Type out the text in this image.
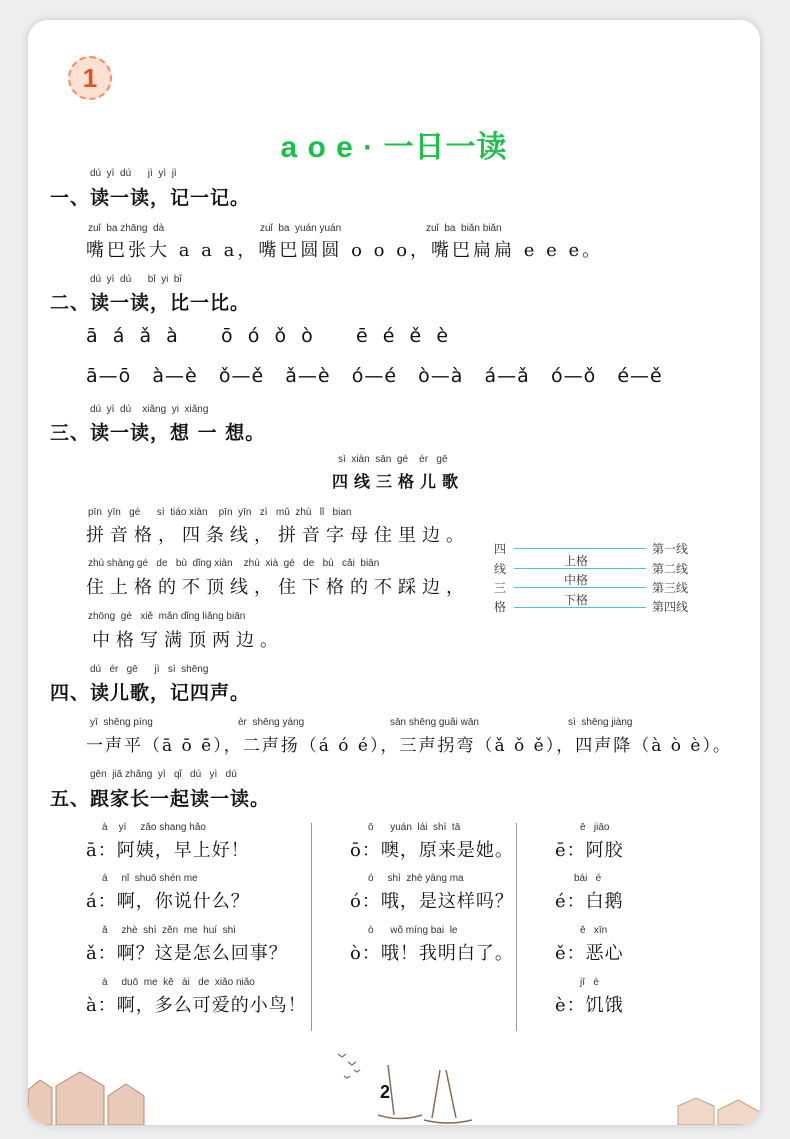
1
a o e · 一日一读
dú  yì  dú      jì  yì  jì
一、读一读，记一记。
zuǐ  ba zhāng  dà	zuǐ  ba  yuán yuán	zuǐ  ba  biǎn biǎn
嘴巴张大 a a a，嘴巴圆圆 o o o，嘴巴扁扁 e e e。
dú  yì  dú      bǐ  yi  bǐ
二、读一读，比一比。
ā  á  ǎ  à      ō  ó  ǒ  ò      ē  é  ě  è
ā—ō   à—è   ǒ—ě   ǎ—è   ó—é   ò—à   á—ǎ   ó—ǒ   é—ě
dú  yì  dú    xiǎng  yi  xiǎng
三、读一读，想 一 想。
sì  xiàn  sān  gé    ér   gē
四线三格儿歌
pīn  yīn   gé      sì  tiáo xiàn    pīn  yīn   zì   mǔ  zhù   lǐ   bian
拼音格，四条线，拼音字母住里边。
zhù shàng gé   de   bù  dǐng xiàn    zhù  xià  gé   de   bù   cǎi  biān
住上格的不顶线，住下格的不踩边，
zhōng  gé   xiě  mǎn dǐng liǎng biān
中格写满顶两边。
四
线
三
格
上格
中格
下格
第一线
第二线
第三线
第四线
dú   ér   gē      jì   sì  shēng
四、读儿歌，记四声。
yī  shēng píng	èr  shēng yáng	sān shēng guǎi wān	sì  shēng jiàng
一声平（ā ō ē），二声扬（á ó é），三声拐弯（ǎ ǒ ě），四声降（à ò è）。
gēn  jiā zhǎng  yì   qǐ   dú   yì   dú
五、跟家长一起读一读。
à    yí     zǎo shang hǎo
ā：阿姨，早上好！
á     nǐ  shuō shén me
á：啊，你说什么？
ǎ     zhè  shì  zěn  me  huí  shì
ǎ：啊？这是怎么回事？
à     duō  me  kě   ài   de  xiǎo niǎo
à：啊，多么可爱的小鸟！
ō      yuán  lái  shì  tā
ō：噢，原来是她。
ó     shì  zhè yàng ma
ó：哦，是这样吗？
ò      wǒ míng bai  le
ò：哦！我明白了。
ē   jiāo
ē：阿胶
bái   é
é：白鹅
ě   xīn
ě：恶心
jī   è
è：饥饿
2
